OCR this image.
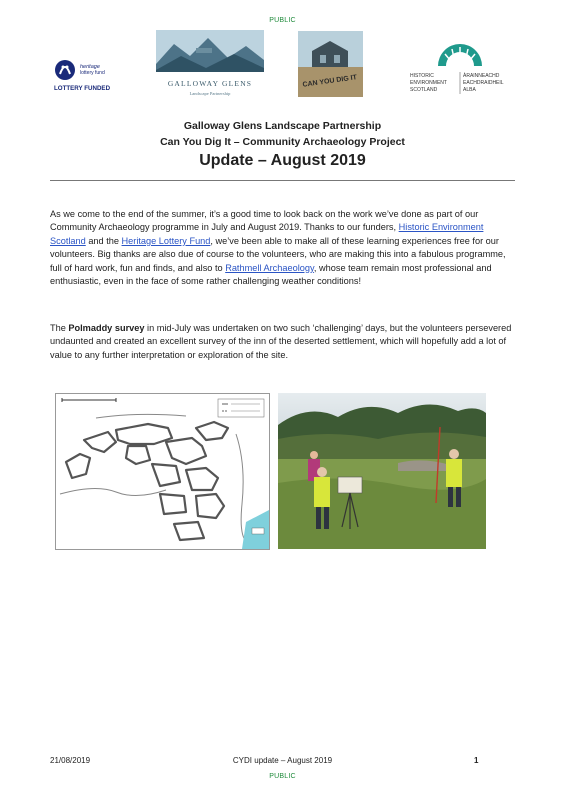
PUBLIC
heritage
lottery fund
LOTTERY FUNDED
GALLOWAY GLENS
Landscape Partnership
CAN YOU DIG IT	HISTORIC
ENVIRONMENT
SCOTLAND
ÀRAINNEACHD
EACHDRAIDHEIL
ALBA
Galloway Glens Landscape Partnership
Can You Dig It – Community Archaeology Project
Update – August 2019
As we come to the end of the summer, it’s a good time to look back on the work we’ve done as part of our Community Archaeology programme in July and August 2019. Thanks to our funders, Historic Environment Scotland and the Heritage Lottery Fund, we’ve been able to make all of these learning experiences free for our volunteers. Big thanks are also due of course to the volunteers, who are making this into a fabulous programme, full of hard work, fun and finds, and also to Rathmell Archaeology, whose team remain most professional and enthusiastic, even in the face of some rather challenging weather conditions!
The Polmaddy survey in mid-July was undertaken on two such ‘challenging’ days, but the volunteers persevered undaunted and created an excellent survey of the inn of the deserted settlement, which will hopefully add a lot of value to any further interpretation or exploration of the site.
21/08/2019	CYDI update – August 2019	1
PUBLIC
